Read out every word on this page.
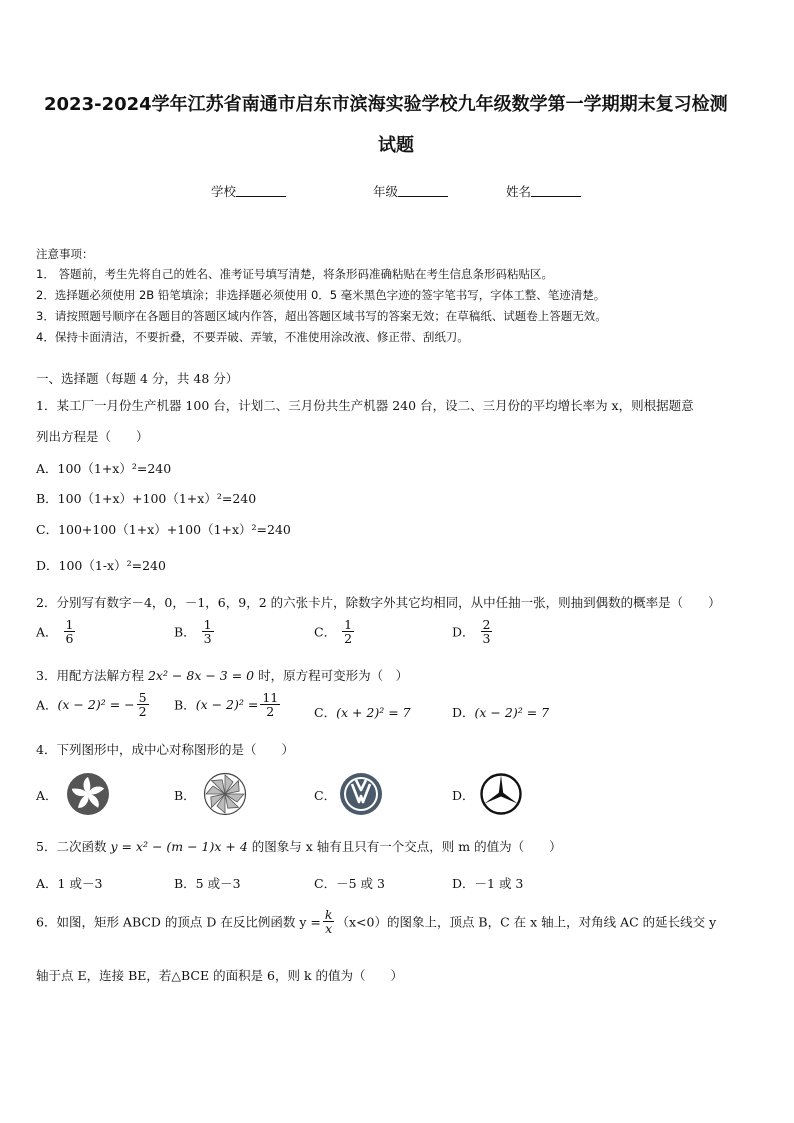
2023-2024学年江苏省南通市启东市滨海实验学校九年级数学第一学期期末复习检测
试题
学校	年级	姓名
注意事项：
1． 答题前，考生先将自己的姓名、准考证号填写清楚，将条形码准确粘贴在考生信息条形码粘贴区。
2．选择题必须使用 2B 铅笔填涂；非选择题必须使用 0．5 毫米黑色字迹的签字笔书写，字体工整、笔迹清楚。
3．请按照题号顺序在各题目的答题区域内作答，超出答题区域书写的答案无效；在草稿纸、试题卷上答题无效。
4．保持卡面清洁，不要折叠，不要弄破、弄皱，不准使用涂改液、修正带、刮纸刀。
一、选择题（每题 4 分，共 48 分）
1．某工厂一月份生产机器 100 台，计划二、三月份共生产机器 240 台，设二、三月份的平均增长率为 x，则根据题意
列出方程是（　　）
A．100（1+x）²=240
B．100（1+x）+100（1+x）²=240
C．100+100（1+x）+100（1+x）²=240
D．100（1-x）²=240
2．分别写有数字－4，0，－1，6，9，2 的六张卡片，除数字外其它均相同，从中任抽一张，则抽到偶数的概率是（　　）
A． $\frac{1}{6}$	B． $\frac{1}{3}$	C． $\frac{1}{2}$	D． $\frac{2}{3}$
3．用配方法解方程 2x² − 8x − 3 = 0 时，原方程可变形为（　）
A．(x − 2)² = − $\frac{5}{2}$ B．$(x - 2)^2 = \frac{11}{2}$	C．(x + 2)² = 7	D．(x − 2)² = 7
4．下列图形中，成中心对称图形的是（　　）
A．	B．	C．	D．
5．二次函数 y = x² − (m − 1)x + 4 的图象与 x 轴有且只有一个交点，则 m 的值为（　　）
A．1 或－3	B．5 或－3	C．－5 或 3	D．－1 或 3
6．如图，矩形 ABCD 的顶点 D 在反比例函数 $y = \frac{k}{x} (x<0)$的图象上，顶点 B，C 在 x 轴上，对角线 AC 的延长线交 y
轴于点 E，连接 BE，若△BCE 的面积是 6，则 k 的值为（　　）
